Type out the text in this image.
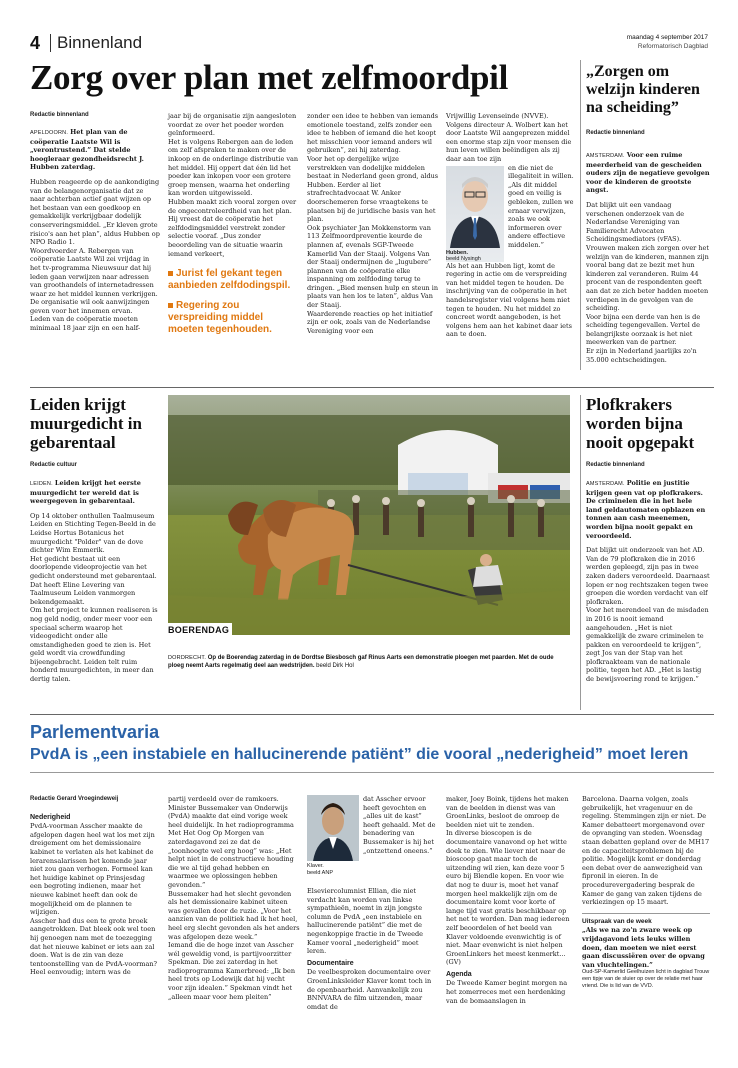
4 Binnenland	maandag 4 september 2017
Reformatorisch Dagblad
Zorg over plan met zelfmoordpil
Redactie binnenland

APELDOORN. Het plan van de coöperatie Laatste Wil is „verontrustend.” Dat stelde hoogleraar gezondheidsrecht J. Hubben zaterdag.

Hubben reageerde op de aankondiging van de belangenorganisatie dat ze naar achterban actief gaat wijzen op het bestaan van een goedkoop en gemakkelijk verkrijgbaar dodelijk conserveringsmiddel. „Er kleven grote risico's aan het plan”, aldus Hubben op NPO Radio 1.

Woordvoerder A. Rebergen van coöperatie Laatste Wil zei vrijdag in het tv-programma Nieuwsuur dat hij leden gaan verwijzen naar adressen van groothandels of internetadressen waar ze het middel kunnen verkrijgen. De organisatie wil ook aanwijzingen geven voor het innemen ervan.

Leden van de coöperatie moeten minimaal 18 jaar zijn en een half-

jaar bij de organisatie zijn aangesloten voordat ze over het poeder worden geïnformeerd.

Het is volgens Rebergen aan de leden om zelf afspraken te maken over de inkoop en de onderlinge distributie van het middel. Hij oppert dat één lid het poeder kan inkopen voor een grotere groep mensen, waarna het onderling kan worden uitgewisseld.

Hubben maakt zich vooral zorgen over de ongecontroleerdheid van het plan. Hij vreest dat de coöperatie het zelfdodingsmiddel verstrekt zonder selectie vooraf. „Dus zonder beoordeling van de situatie waarin iemand verkeert,

Jurist fel gekant tegen aanbieden zelfdodingspil.
Regering zou verspreiding middel moeten tegenhouden.

zonder een idee te hebben van iemands emotionele toestand, zelfs zonder een idee te hebben of iemand die het koopt het misschien voor iemand anders wil gebruiken”, zei hij zaterdag.

Voor het op dergelijke wijze verstrekken van dodelijke middelen bestaat in Nederland geen grond, aldus Hubben. Eerder al liet strafrechtadvocaat W. Anker doorschemeren forse vraagtekens te plaatsen bij de juridische basis van het plan.

Ook psychiater Jan Mokkenstorm van 113 Zelfmoordpreventie keurde de plannen af, evenals SGP-Tweede Kamerlid Van der Staaij. Volgens Van der Staaij ondermijnen de „lugubere” plannen van de coöperatie elke inspanning om zelfdoding terug te dringen. „Bied mensen hulp en steun in plaats van hen los te laten”, aldus Van der Staaij.

Waarderende reacties op het initiatief zijn er ook, zoals van de Nederlandse Vereniging voor een

Vrijwillig Levenseinde (NVVE). Volgens directeur A. Wolbert kan het door Laatste Wil aangeprezen middel een enorme stap zijn voor mensen die hun leven willen beëindigen als zij daar aan toe zijn

Hubben.
beeld Nysingh

en die niet de illegaliteit in willen. „Als dit middel goed en veilig is gebleken, zullen we ernaar verwijzen, zoals we ook informeren over andere effectieve middelen.”

Als het aan Hubben ligt, komt de regering in actie om de verspreiding van het middel tegen te houden. De inschrijving van de coöperatie in het handelsregister viel volgens hem niet tegen te houden. Nu het middel zo concreet wordt aangeboden, is het volgens hem aan het kabinet daar iets aan te doen.

„Zorgen om welzijn kinderen na scheiding”
Redactie binnenland

AMSTERDAM. Voor een ruime meerderheid van de gescheiden ouders zijn de negatieve gevolgen voor de kinderen de grootste angst.

Dat blijkt uit een vandaag verschenen onderzoek van de Nederlandse Vereniging van Familierecht Advocaten Scheidingsmediators (vFAS). Vrouwen maken zich zorgen over het welzijn van de kinderen, mannen zijn vooral bang dat ze bezit met hun kinderen zal veranderen. Ruim 44 procent van de respondenten geeft aan dat ze zich beter hadden moeten verdiepen in de gevolgen van de scheiding.

Voor bijna een derde van hen is de scheiding tegengevallen. Vertel de belangrijkste oorzaak is het niet meewerken van de partner.

Er zijn in Nederland jaarlijks zo'n 35.000 echtscheidingen.

Leiden krijgt muurgedicht in gebarentaal
Redactie cultuur

LEIDEN. Leiden krijgt het eerste muurgedicht ter wereld dat is weergegeven in gebarentaal.

Op 14 oktober onthullen Taalmuseum Leiden en Stichting Tegen-Beeld in de Leidse Hortus Botanicus het muurgedicht "Polder" van de dove dichter Wim Emmerik.

Het gedicht bestaat uit een doorlopende videoprojectie van het gedicht ondersteund met gebarentaal. Dat heeft Eline Levering van Taalmuseum Leiden vanmorgen bekendgemaakt.

Om het project te kunnen realiseren is nog geld nodig, onder meer voor een speciaal scherm waarop het videogedicht onder alle omstandigheden goed te zien is. Het geld wordt via crowdfunding bijeengebracht. Leiden telt ruim honderd muurgedichten, in meer dan dertig talen.

BOERENDAG
DORDRECHT. Op de Boerendag zaterdag in de Dordtse Biesbosch gaf Rinus Aarts een demonstratie ploegen met paarden. Met de oude ploeg neemt Aarts regelmatig deel aan wedstrijden. beeld Dirk Hol
Plofkrakers worden bijna nooit opgepakt
Redactie binnenland

AMSTERDAM. Politie en justitie krijgen geen vat op plofkrakers. De criminelen die in het hele land geldautomaten opblazen en tonnen aan cash meenemen, worden bijna nooit gepakt en veroordeeld.

Dat blijkt uit onderzoek van het AD. Van de 79 plofkraken die in 2016 werden gepleegd, zijn pas in twee zaken daders veroordeeld. Daarnaast lopen er nog rechtszaken tegen twee groepen die worden verdacht van elf plofkraken.

Voor het merendeel van de misdaden in 2016 is nooit iemand aangehouden. „Het is niet gemakkelijk de zware criminelen te pakken en veroordeeld te krijgen”, zegt Jos van der Stap van het plofkraakteam van de nationale politie, tegen het AD. „Het is lastig de bewijsvoering rond te krijgen.”

Parlementvaria
PvdA is „een instabiele en hallucinerende patiënt” die vooral „nederigheid” moet leren
Redactie Gerard Vroegindeweij
Nederigheid

PvdA-voorman Asscher maakte de afgelopen dagen heel wat los met zijn dreigement om het demissionaire kabinet te verlaten als het kabinet de lerarensalarissen het komende jaar niet zou gaan verhogen. Formeel kan het huidige kabinet op Prinsjesdag een begroting indienen, maar het nieuwe kabinet heeft dan ook de mogelijkheid om de plannen te wijzigen.

Asscher had dus een te grote broek aangetrokken. Dat bleek ook wel toen hij genoegen nam met de toezegging dat het nieuwe kabinet er iets aan zal doen. Wat is de zin van deze tentoonstelling van de PvdA-voorman?

Heel eenvoudig; intern was de

partij verdeeld over de ramkoers. Minister Bussemaker van Onderwijs (PvdA) maakte dat eind vorige week heel duidelijk. In het radioprogramma Met Het Oog Op Morgen van zaterdagavond zei ze dat de „toonhoogte wel erg hoog” was: „Het helpt niet in de constructieve houding die we al tijd gehad hebben en waarmee we oplossingen hebben gevonden.”

Bussemaker had het slecht gevonden als het demissionaire kabinet uiteen was gevallen door de ruzie. „Voor het aanzien van de politiek had ik het heel, heel erg slecht gevonden als het anders was afgelopen deze week.”

Iemand die de hoge inzet van Asscher wél geweldig vond, is partijvoorzitter Spekman. Die zei zaterdag in het radioprogramma Kamerbreed: „Ik ben heel trots op Lodewijk dat hij vecht voor zijn idealen.” Spekman vindt het „alleen maar voor hem pleiten”

Klaver.
beeld ANP

dat Asscher ervoor heeft gevochten en „alles uit de kast” heeft gehaald. Met de benadering van Bussemaker is hij het „ontzettend oneens.”

Elseviercolumnist Ellian, die niet verdacht kan worden van linkse sympathieën, noemt in zijn jongste column de PvdA „een instabiele en hallucinerende patiënt” die met de negenkoppige fractie in de Tweede Kamer vooral „nederigheid” moet leren.

Documentaire

De veelbesproken documentaire over GroenLinksleider Klaver komt toch in de openbaarheid. Aanvankelijk zou BNNVARA de film uitzenden, maar omdat de

maker, Joey Boink, tijdens het maken van de beelden in dienst was van GroenLinks, besloot de omroep de beelden niet uit te zenden.

In diverse bioscopen is de documentaire vanavond op het witte doek te zien. Wie liever niet naar de bioscoop gaat maar toch de uitzending wil zien, kan deze voor 5 euro bij Blendle kopen. En voor wie dat nog te duur is, moet het vanaf morgen heel makkelijk zijn om de documentaire komt voor korte of lange tijd vast gratis beschikbaar op het net te worden. Dan mag iedereen zelf beoordelen of het beeld van Klaver voldoende evenwichtig is of niet. Maar evenwicht is niet helpen GroenLinkers het meest kenmerkt... (GV)

Agenda

De Tweede Kamer begint morgen na het zomerreces met een herdenking van de bomaanslagen in

Barcelona. Daarna volgen, zoals gebruikelijk, het vragenuur en de regeling. Stemmingen zijn er niet. De Kamer debatteert morgenavond over de opvanging van steden. Woensdag staan debatten gepland over de MH17 en de capaciteitsproblemen bij de politie. Mogelijk komt er donderdag een debat over de aanwezigheid van fipronil in eieren. In de procedurevergadering besprak de Kamer de gang van zaken tijdens de verkiezingen op 15 maart.

Uitspraak van de week

„Als we na zo'n zware week op vrijdagavond iets leuks willen doen, dan moeten we niet eerst gaan discussiëren over de opvang van vluchtelingen.”

Oud-SP-Kamerlid Geelhuizen licht in dagblad Trouw een tipje van de sluier op over de relatie met haar vriend. Die is lid van de VVD.
